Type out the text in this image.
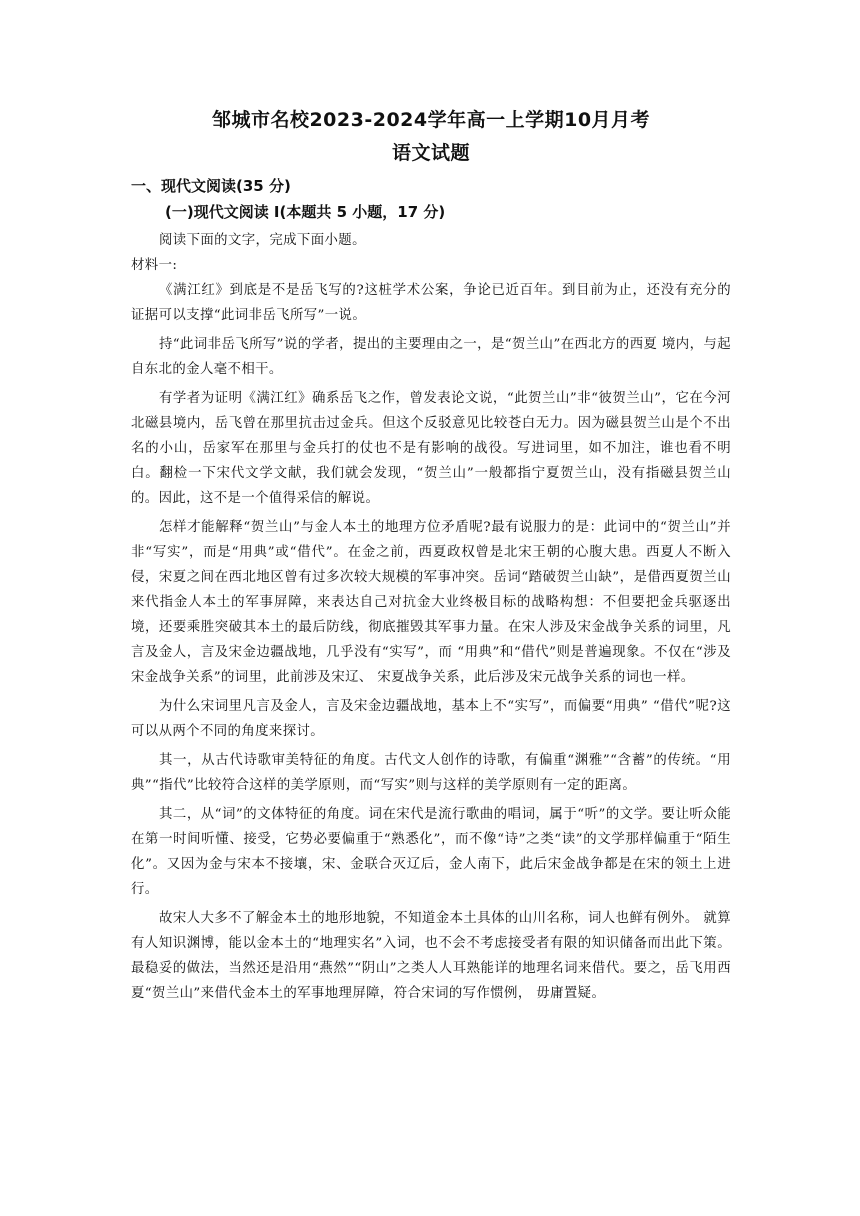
邹城市名校2023-2024学年高一上学期10月月考
语文试题
一、现代文阅读(35 分)
(一)现代文阅读 I(本题共 5 小题，17 分)

阅读下面的文字，完成下面小题。

材料一:

《满江红》到底是不是岳飞写的?这桩学术公案，争论已近百年。到目前为止，还没有充分的证据可以支撑“此词非岳飞所写”一说。

持“此词非岳飞所写”说的学者，提出的主要理由之一，是“贺兰山”在西北方的西夏 境内，与起自东北的金人毫不相干。

有学者为证明《满江红》确系岳飞之作，曾发表论文说，“此贺兰山”非“彼贺兰山”，它在今河北磁县境内，岳飞曾在那里抗击过金兵。但这个反驳意见比较苍白无力。因为磁县贺兰山是个不出名的小山，岳家军在那里与金兵打的仗也不是有影响的战役。写进词里，如不加注，谁也看不明白。翻检一下宋代文学文献，我们就会发现，“贺兰山”一般都指宁夏贺兰山，没有指磁县贺兰山的。因此，这不是一个值得采信的解说。

怎样才能解释“贺兰山”与金人本土的地理方位矛盾呢?最有说服力的是：此词中的“贺兰山”并非“写实”，而是“用典”或“借代”。在金之前，西夏政权曾是北宋王朝的心腹大患。西夏人不断入侵，宋夏之间在西北地区曾有过多次较大规模的军事冲突。岳词“踏破贺兰山缺”，是借西夏贺兰山来代指金人本土的军事屏障，来表达自己对抗金大业终极目标的战略构想：不但要把金兵驱逐出境，还要乘胜突破其本土的最后防线，彻底摧毁其军事力量。在宋人涉及宋金战争关系的词里，凡言及金人，言及宋金边疆战地，几乎没有“实写”，而 “用典”和“借代”则是普遍现象。不仅在“涉及宋金战争关系”的词里，此前涉及宋辽、 宋夏战争关系，此后涉及宋元战争关系的词也一样。

为什么宋词里凡言及金人，言及宋金边疆战地，基本上不“实写”，而偏要“用典” “借代”呢?这可以从两个不同的角度来探讨。

其一，从古代诗歌审美特征的角度。古代文人创作的诗歌，有偏重“渊雅”“含蓄”的传统。“用典”“指代”比较符合这样的美学原则，而“写实”则与这样的美学原则有一定的距离。

其二，从“词”的文体特征的角度。词在宋代是流行歌曲的唱词，属于“听”的文学。要让听众能在第一时间听懂、接受，它势必要偏重于“熟悉化”，而不像“诗”之类“读”的文学那样偏重于“陌生化”。又因为金与宋本不接壤，宋、金联合灭辽后，金人南下，此后宋金战争都是在宋的领土上进行。

故宋人大多不了解金本土的地形地貌，不知道金本土具体的山川名称，词人也鲜有例外。 就算有人知识渊博，能以金本土的“地理实名”入词，也不会不考虑接受者有限的知识储备而出此下策。最稳妥的做法，当然还是沿用“燕然”“阴山”之类人人耳熟能详的地理名词来借代。要之，岳飞用西夏“贺兰山”来借代金本土的军事地理屏障，符合宋词的写作惯例， 毋庸置疑。
